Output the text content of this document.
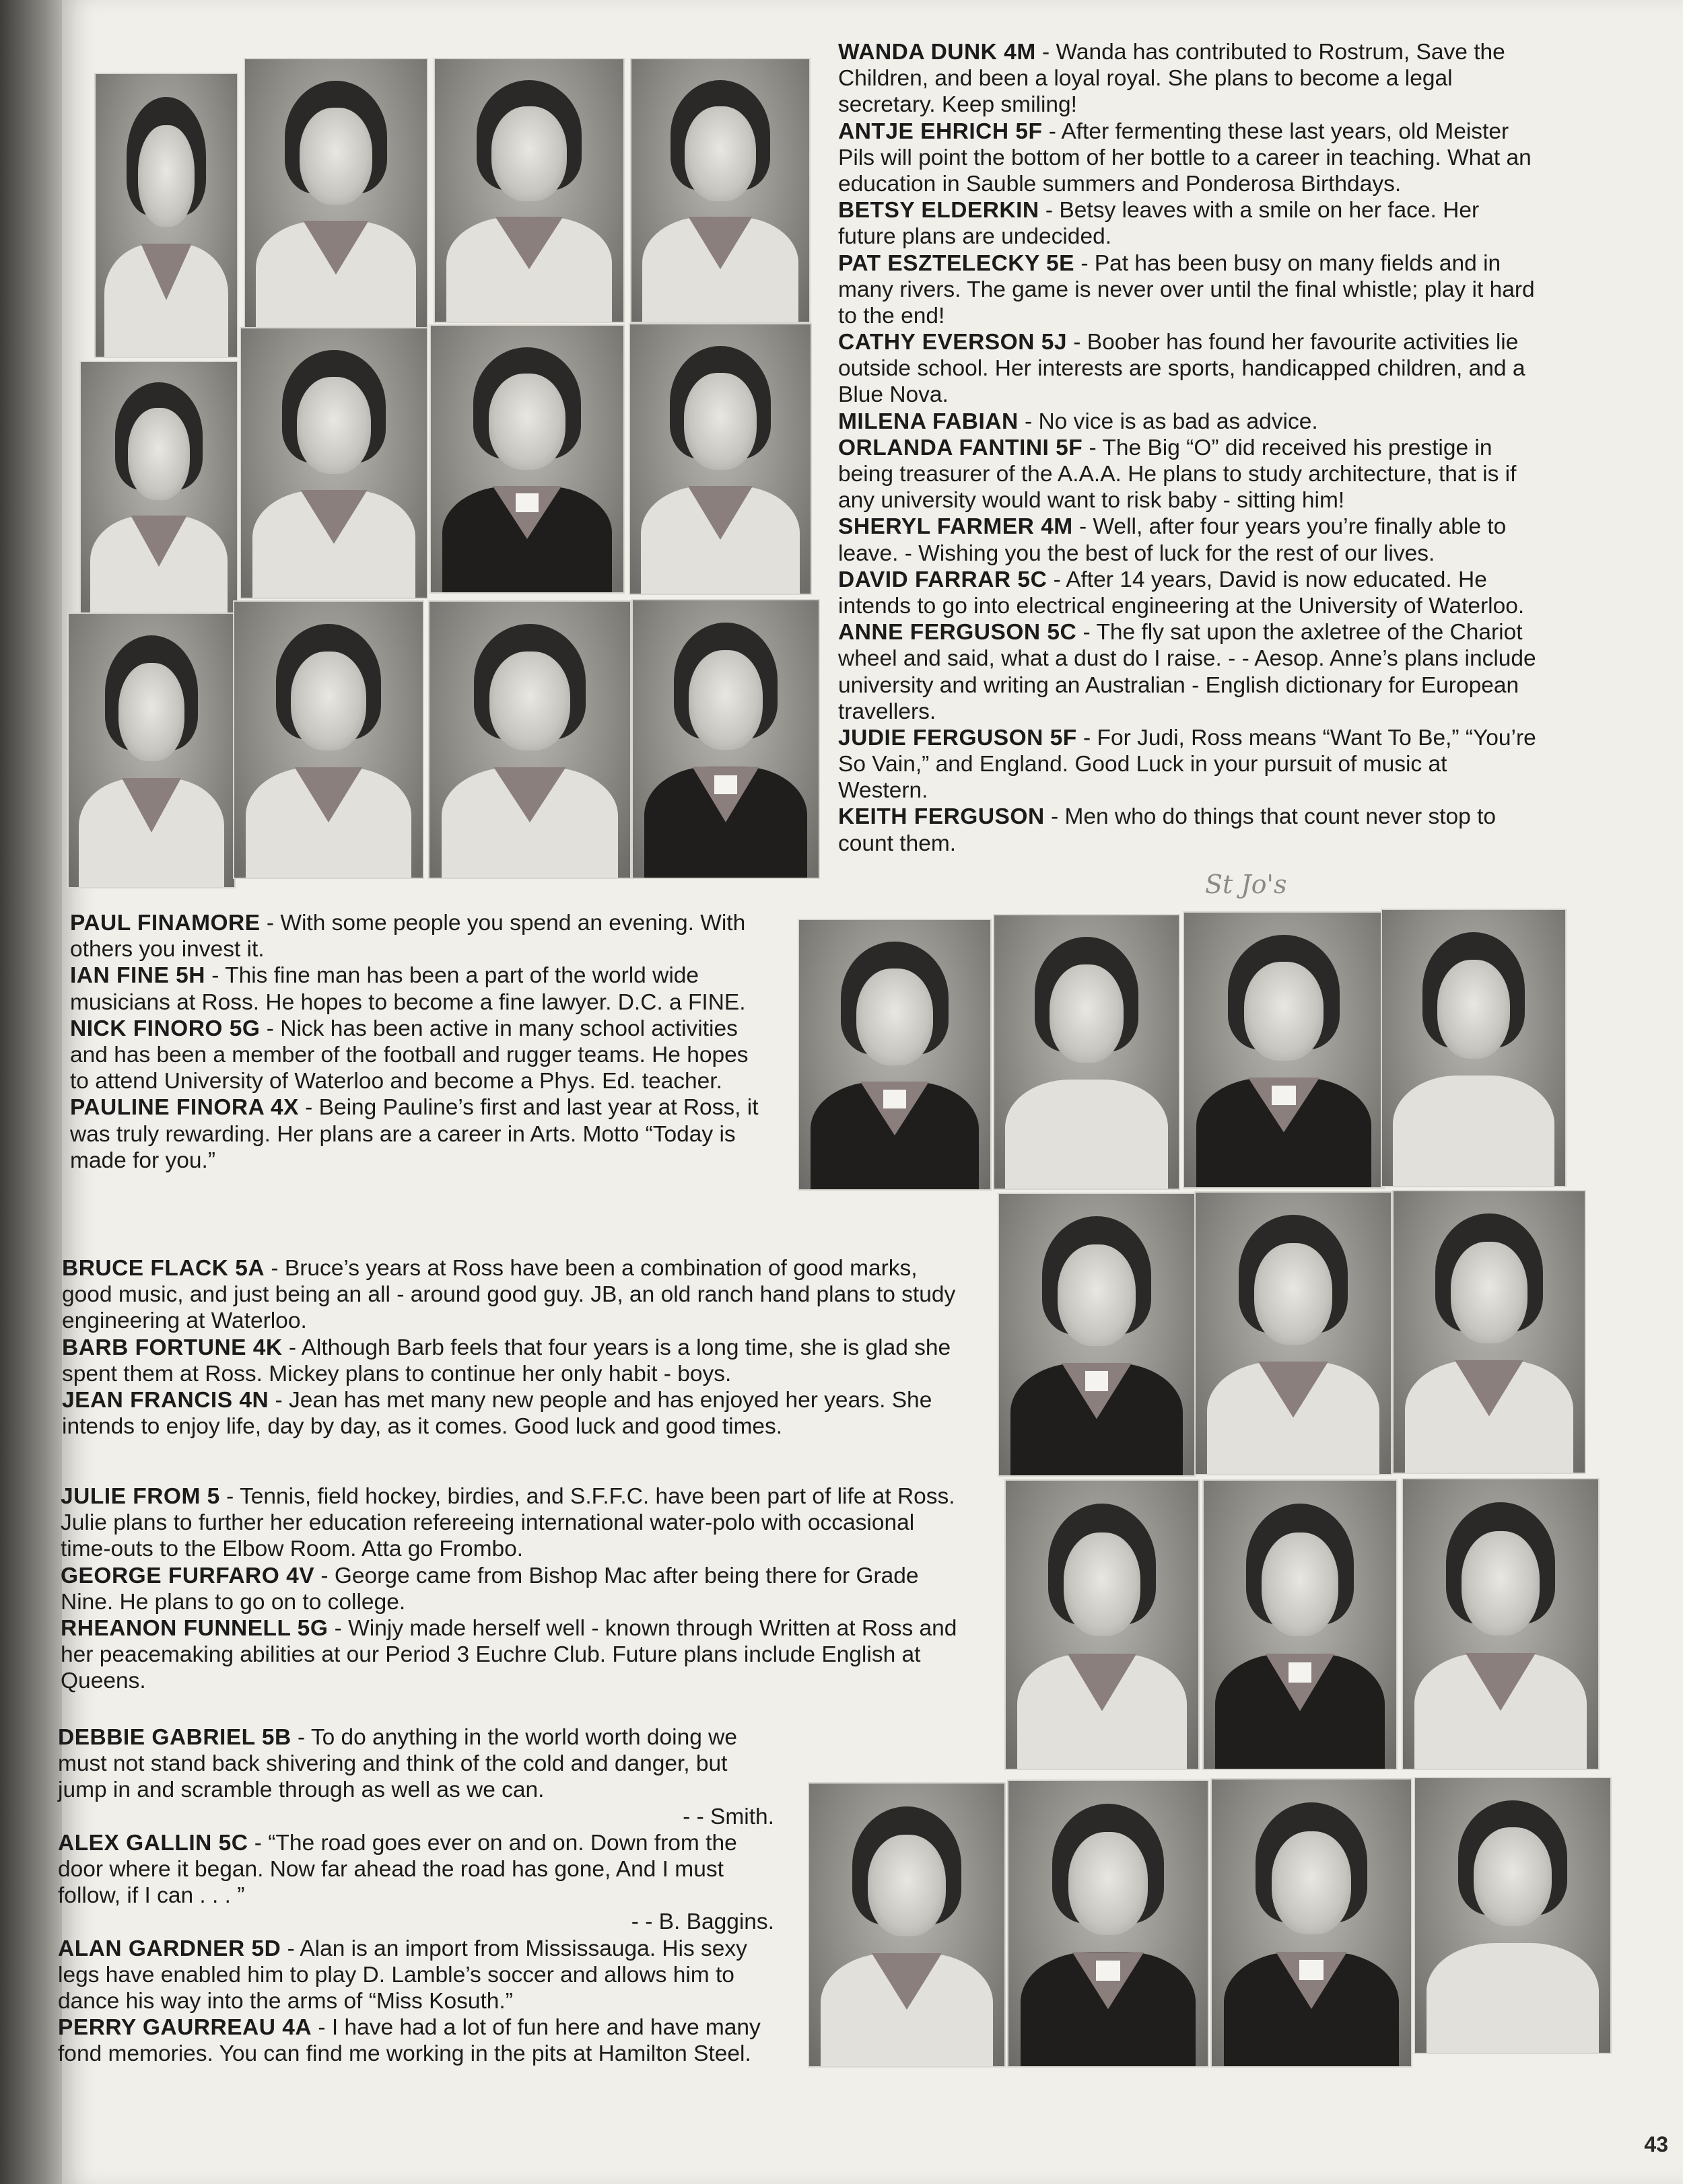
WANDA DUNK 4M - Wanda has contributed to Rostrum, Save the Children, and been a loyal royal. She plans to become a legal secretary. Keep smiling!

ANTJE EHRICH 5F - After fermenting these last years, old Meister Pils will point the bottom of her bottle to a career in teaching. What an education in Sauble summers and Ponderosa Birthdays.

BETSY ELDERKIN - Betsy leaves with a smile on her face. Her future plans are undecided.

PAT ESZTELECKY 5E - Pat has been busy on many fields and in many rivers. The game is never over until the final whistle; play it hard to the end!

CATHY EVERSON 5J - Boober has found her favourite activities lie outside school. Her interests are sports, handicapped children, and a Blue Nova.

MILENA FABIAN - No vice is as bad as advice.

ORLANDA FANTINI 5F - The Big “O” did received his prestige in being treasurer of the A.A.A. He plans to study architecture, that is if any university would want to risk baby - sitting him!

SHERYL FARMER 4M - Well, after four years you’re finally able to leave. - Wishing you the best of luck for the rest of our lives.

DAVID FARRAR 5C - After 14 years, David is now educated. He intends to go into electrical engineering at the University of Waterloo.

ANNE FERGUSON 5C - The fly sat upon the axletree of the Chariot wheel and said, what a dust do I raise. - - Aesop. Anne’s plans include university and writing an Australian - English dictionary for European travellers.

JUDIE FERGUSON 5F - For Judi, Ross means “Want To Be,” “You’re So Vain,” and England. Good Luck in your pursuit of music at Western.

KEITH FERGUSON - Men who do things that count never stop to count them.

St Jo's

PAUL FINAMORE - With some people you spend an evening. With others you invest it.

IAN FINE 5H - This fine man has been a part of the world wide musicians at Ross. He hopes to become a fine lawyer. D.C. a FINE.

NICK FINORO 5G - Nick has been active in many school activities and has been a member of the football and rugger teams. He hopes to attend University of Waterloo and become a Phys. Ed. teacher.

PAULINE FINORA 4X - Being Pauline’s first and last year at Ross, it was truly rewarding. Her plans are a career in Arts. Motto “Today is made for you.”

BRUCE FLACK 5A - Bruce’s years at Ross have been a combination of good marks, good music, and just being an all - around good guy. JB, an old ranch hand plans to study engineering at Waterloo.

BARB FORTUNE 4K - Although Barb feels that four years is a long time, she is glad she spent them at Ross. Mickey plans to continue her only habit - boys.

JEAN FRANCIS 4N - Jean has met many new people and has enjoyed her years. She intends to enjoy life, day by day, as it comes. Good luck and good times.

JULIE FROM 5 - Tennis, field hockey, birdies, and S.F.F.C. have been part of life at Ross. Julie plans to further her education refereeing international water-polo with occasional time-outs to the Elbow Room. Atta go Frombo.

GEORGE FURFARO 4V - George came from Bishop Mac after being there for Grade Nine. He plans to go on to college.

RHEANON FUNNELL 5G - Winjy made herself well - known through Written at Ross and her peacemaking abilities at our Period 3 Euchre Club. Future plans include English at Queens.

DEBBIE GABRIEL 5B - To do anything in the world worth doing we must not stand back shivering and think of the cold and danger, but jump in and scramble through as well as we can.

- - Smith.

ALEX GALLIN 5C - “The road goes ever on and on. Down from the door where it began. Now far ahead the road has gone, And I must follow, if I can . . . ”

- - B. Baggins.

ALAN GARDNER 5D - Alan is an import from Mississauga. His sexy legs have enabled him to play D. Lamble’s soccer and allows him to dance his way into the arms of “Miss Kosuth.”

PERRY GAURREAU 4A - I have had a lot of fun here and have many fond memories. You can find me working in the pits at Hamilton Steel.

43
